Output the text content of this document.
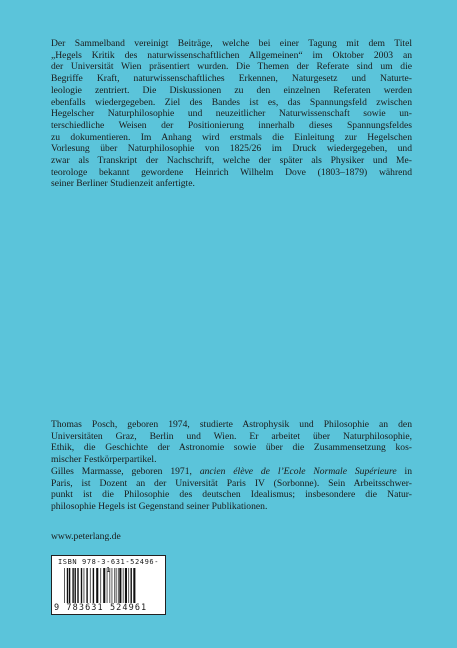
Der Sammelband vereinigt Beiträge, welche bei einer Tagung mit dem Titel
„Hegels Kritik des naturwissenschaftlichen Allgemeinen“ im Oktober 2003 an
der Universität Wien präsentiert wurden. Die Themen der Referate sind um die
Begriffe Kraft, naturwissenschaftliches Erkennen, Naturgesetz und Naturte-
leologie zentriert. Die Diskussionen zu den einzelnen Referaten werden
ebenfalls wiedergegeben. Ziel des Bandes ist es, das Spannungsfeld zwischen
Hegelscher Naturphilosophie und neuzeitlicher Naturwissenschaft sowie un-
terschiedliche Weisen der Positionierung innerhalb dieses Spannungsfeldes
zu dokumentieren. Im Anhang wird erstmals die Einleitung zur Hegelschen
Vorlesung über Naturphilosophie von 1825/26 im Druck wiedergegeben, und
zwar als Transkript der Nachschrift, welche der später als Physiker und Me-
teorologe bekannt gewordene Heinrich Wilhelm Dove (1803–1879) während
seiner Berliner Studienzeit anfertigte.

Thomas Posch, geboren 1974, studierte Astrophysik und Philosophie an den
Universitäten Graz, Berlin und Wien. Er arbeitet über Naturphilosophie,
Ethik, die Geschichte der Astronomie sowie über die Zusammensetzung kos-
mischer Festkörperpartikel.

Gilles Marmasse, geboren 1971, ancien élève de l’Ecole Normale Supérieure in
Paris, ist Dozent an der Universität Paris IV (Sorbonne). Sein Arbeitsschwer-
punkt ist die Philosophie des deutschen Idealismus; insbesondere die Natur-
philosophie Hegels ist Gegenstand seiner Publikationen.

www.peterlang.de
ISBN 978-3-631-52496-1
9 783631 524961
